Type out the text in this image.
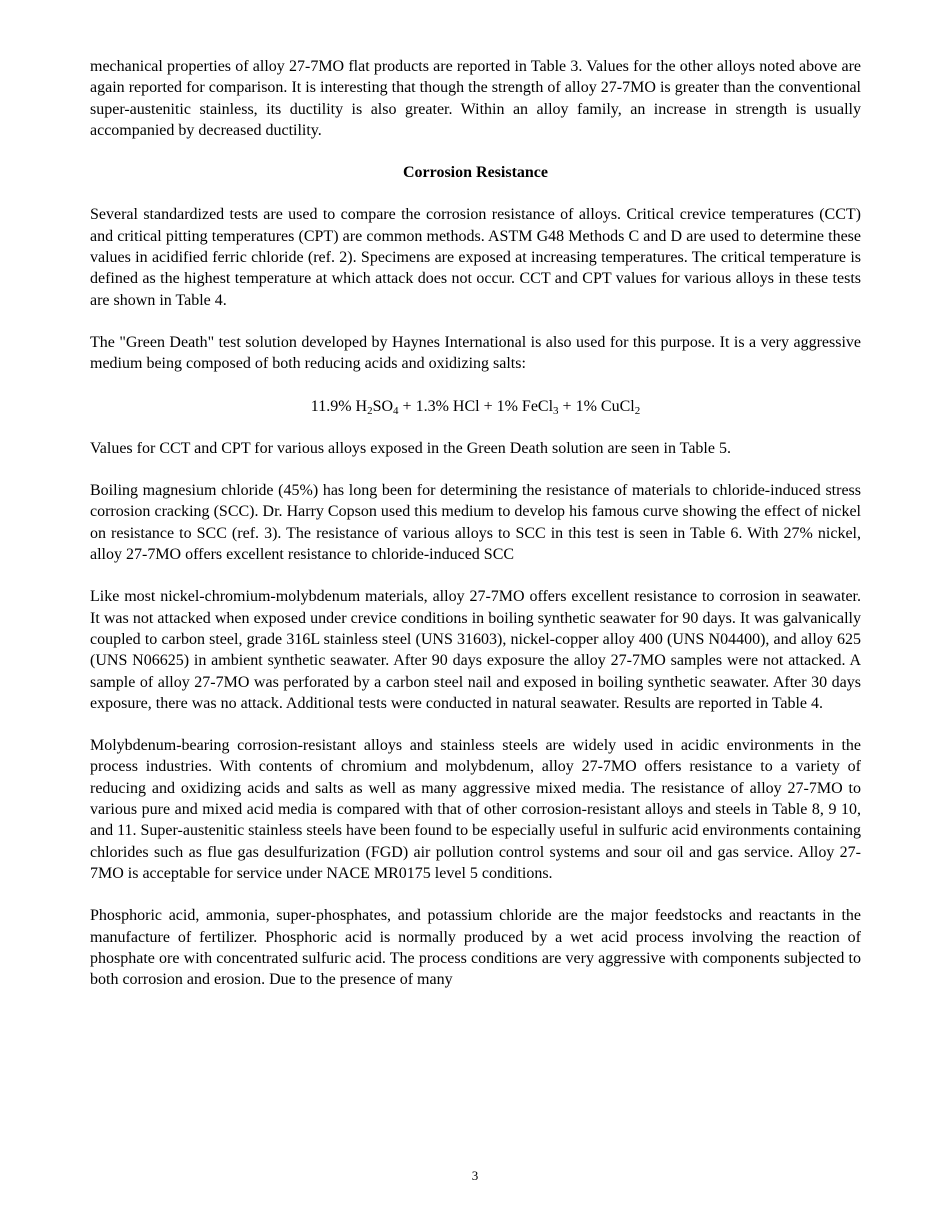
mechanical properties of alloy 27-7MO flat products are reported in Table 3. Values for the other alloys noted above are again reported for comparison. It is interesting that though the strength of alloy 27-7MO is greater than the conventional super-austenitic stainless, its ductility is also greater. Within an alloy family, an increase in strength is usually accompanied by decreased ductility.

Corrosion Resistance

Several standardized tests are used to compare the corrosion resistance of alloys. Critical crevice temperatures (CCT) and critical pitting temperatures (CPT) are common methods. ASTM G48 Methods C and D are used to determine these values in acidified ferric chloride (ref. 2). Specimens are exposed at increasing temperatures. The critical temperature is defined as the highest temperature at which attack does not occur. CCT and CPT values for various alloys in these tests are shown in Table 4.

The "Green Death" test solution developed by Haynes International is also used for this purpose. It is a very aggressive medium being composed of both reducing acids and oxidizing salts:

11.9% $H_2SO_4 + 1.3\%$ HCl + 1% FeCl$_3$ + 1% CuCl$_2$

Values for CCT and CPT for various alloys exposed in the Green Death solution are seen in Table 5.

Boiling magnesium chloride (45%) has long been for determining the resistance of materials to chloride-induced stress corrosion cracking (SCC). Dr. Harry Copson used this medium to develop his famous curve showing the effect of nickel on resistance to SCC (ref. 3). The resistance of various alloys to SCC in this test is seen in Table 6. With 27% nickel, alloy 27-7MO offers excellent resistance to chloride-induced SCC

Like most nickel-chromium-molybdenum materials, alloy 27-7MO offers excellent resistance to corrosion in seawater. It was not attacked when exposed under crevice conditions in boiling synthetic seawater for 90 days. It was galvanically coupled to carbon steel, grade 316L stainless steel (UNS 31603), nickel-copper alloy 400 (UNS N04400), and alloy 625 (UNS N06625) in ambient synthetic seawater. After 90 days exposure the alloy 27-7MO samples were not attacked. A sample of alloy 27-7MO was perforated by a carbon steel nail and exposed in boiling synthetic seawater. After 30 days exposure, there was no attack. Additional tests were conducted in natural seawater. Results are reported in Table 4.

Molybdenum-bearing corrosion-resistant alloys and stainless steels are widely used in acidic environments in the process industries. With contents of chromium and molybdenum, alloy 27-7MO offers resistance to a variety of reducing and oxidizing acids and salts as well as many aggressive mixed media. The resistance of alloy 27-7MO to various pure and mixed acid media is compared with that of other corrosion-resistant alloys and steels in Table 8, 9 10, and 11. Super-austenitic stainless steels have been found to be especially useful in sulfuric acid environments containing chlorides such as flue gas desulfurization (FGD) air pollution control systems and sour oil and gas service. Alloy 27-7MO is acceptable for service under NACE MR0175 level 5 conditions.

Phosphoric acid, ammonia, super-phosphates, and potassium chloride are the major feedstocks and reactants in the manufacture of fertilizer. Phosphoric acid is normally produced by a wet acid process involving the reaction of phosphate ore with concentrated sulfuric acid. The process conditions are very aggressive with components subjected to both corrosion and erosion. Due to the presence of many

3
